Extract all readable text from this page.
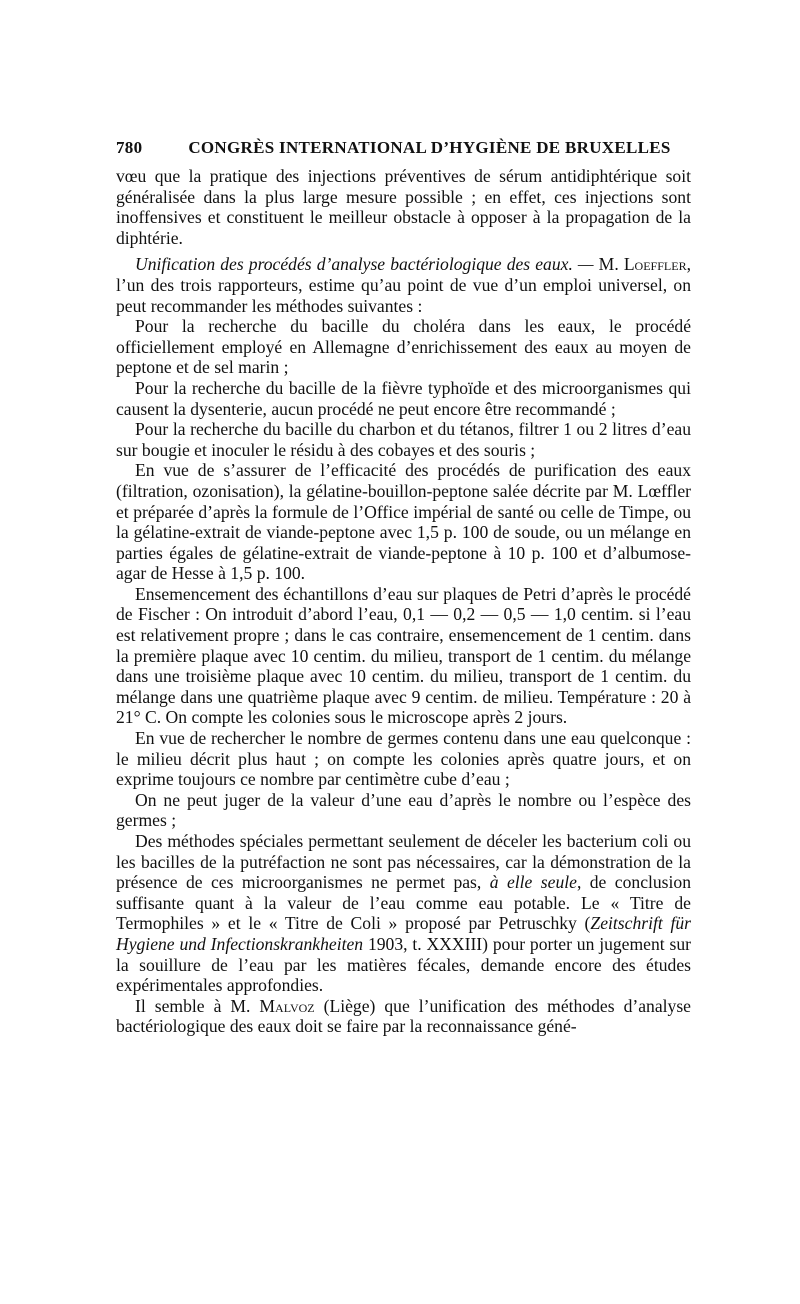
780	CONGRÈS INTERNATIONAL D’HYGIÈNE DE BRUXELLES

vœu que la pratique des injections préventives de sérum antidiphtérique soit généralisée dans la plus large mesure possible ; en effet, ces injections sont inoffensives et constituent le meilleur obstacle à opposer à la propagation de la diphtérie.

Unification des procédés d’analyse bactériologique des eaux. — M. Loeffler, l’un des trois rapporteurs, estime qu’au point de vue d’un emploi universel, on peut recommander les méthodes suivantes :

Pour la recherche du bacille du choléra dans les eaux, le procédé officiellement employé en Allemagne d’enrichissement des eaux au moyen de peptone et de sel marin ;

Pour la recherche du bacille de la fièvre typhoïde et des microorganismes qui causent la dysenterie, aucun procédé ne peut encore être recommandé ;

Pour la recherche du bacille du charbon et du tétanos, filtrer 1 ou 2 litres d’eau sur bougie et inoculer le résidu à des cobayes et des souris ;

En vue de s’assurer de l’efficacité des procédés de purification des eaux (filtration, ozonisation), la gélatine-bouillon-peptone salée décrite par M. Lœffler et préparée d’après la formule de l’Office impérial de santé ou celle de Timpe, ou la gélatine-extrait de viande-peptone avec 1,5 p. 100 de soude, ou un mélange en parties égales de gélatine-extrait de viande-peptone à 10 p. 100 et d’albumose-agar de Hesse à 1,5 p. 100.

Ensemencement des échantillons d’eau sur plaques de Petri d’après le procédé de Fischer : On introduit d’abord l’eau, 0,1 — 0,2 — 0,5 — 1,0 centim. si l’eau est relativement propre ; dans le cas contraire, ensemencement de 1 centim. dans la première plaque avec 10 centim. du milieu, transport de 1 centim. du mélange dans une troisième plaque avec 10 centim. du milieu, transport de 1 centim. du mélange dans une quatrième plaque avec 9 centim. de milieu. Température : 20 à 21° C. On compte les colonies sous le microscope après 2 jours.

En vue de rechercher le nombre de germes contenu dans une eau quelconque : le milieu décrit plus haut ; on compte les colonies après quatre jours, et on exprime toujours ce nombre par centimètre cube d’eau ;

On ne peut juger de la valeur d’une eau d’après le nombre ou l’espèce des germes ;

Des méthodes spéciales permettant seulement de déceler les bacterium coli ou les bacilles de la putréfaction ne sont pas nécessaires, car la démonstration de la présence de ces microorganismes ne permet pas, à elle seule, de conclusion suffisante quant à la valeur de l’eau comme eau potable. Le « Titre de Termophiles » et le « Titre de Coli » proposé par Petruschky (Zeitschrift für Hygiene und Infectionskrankheiten 1903, t. XXXIII) pour porter un jugement sur la souillure de l’eau par les matières fécales, demande encore des études expérimentales approfondies.

Il semble à M. Malvoz (Liège) que l’unification des méthodes d’analyse bactériologique des eaux doit se faire par la reconnaissance géné-
